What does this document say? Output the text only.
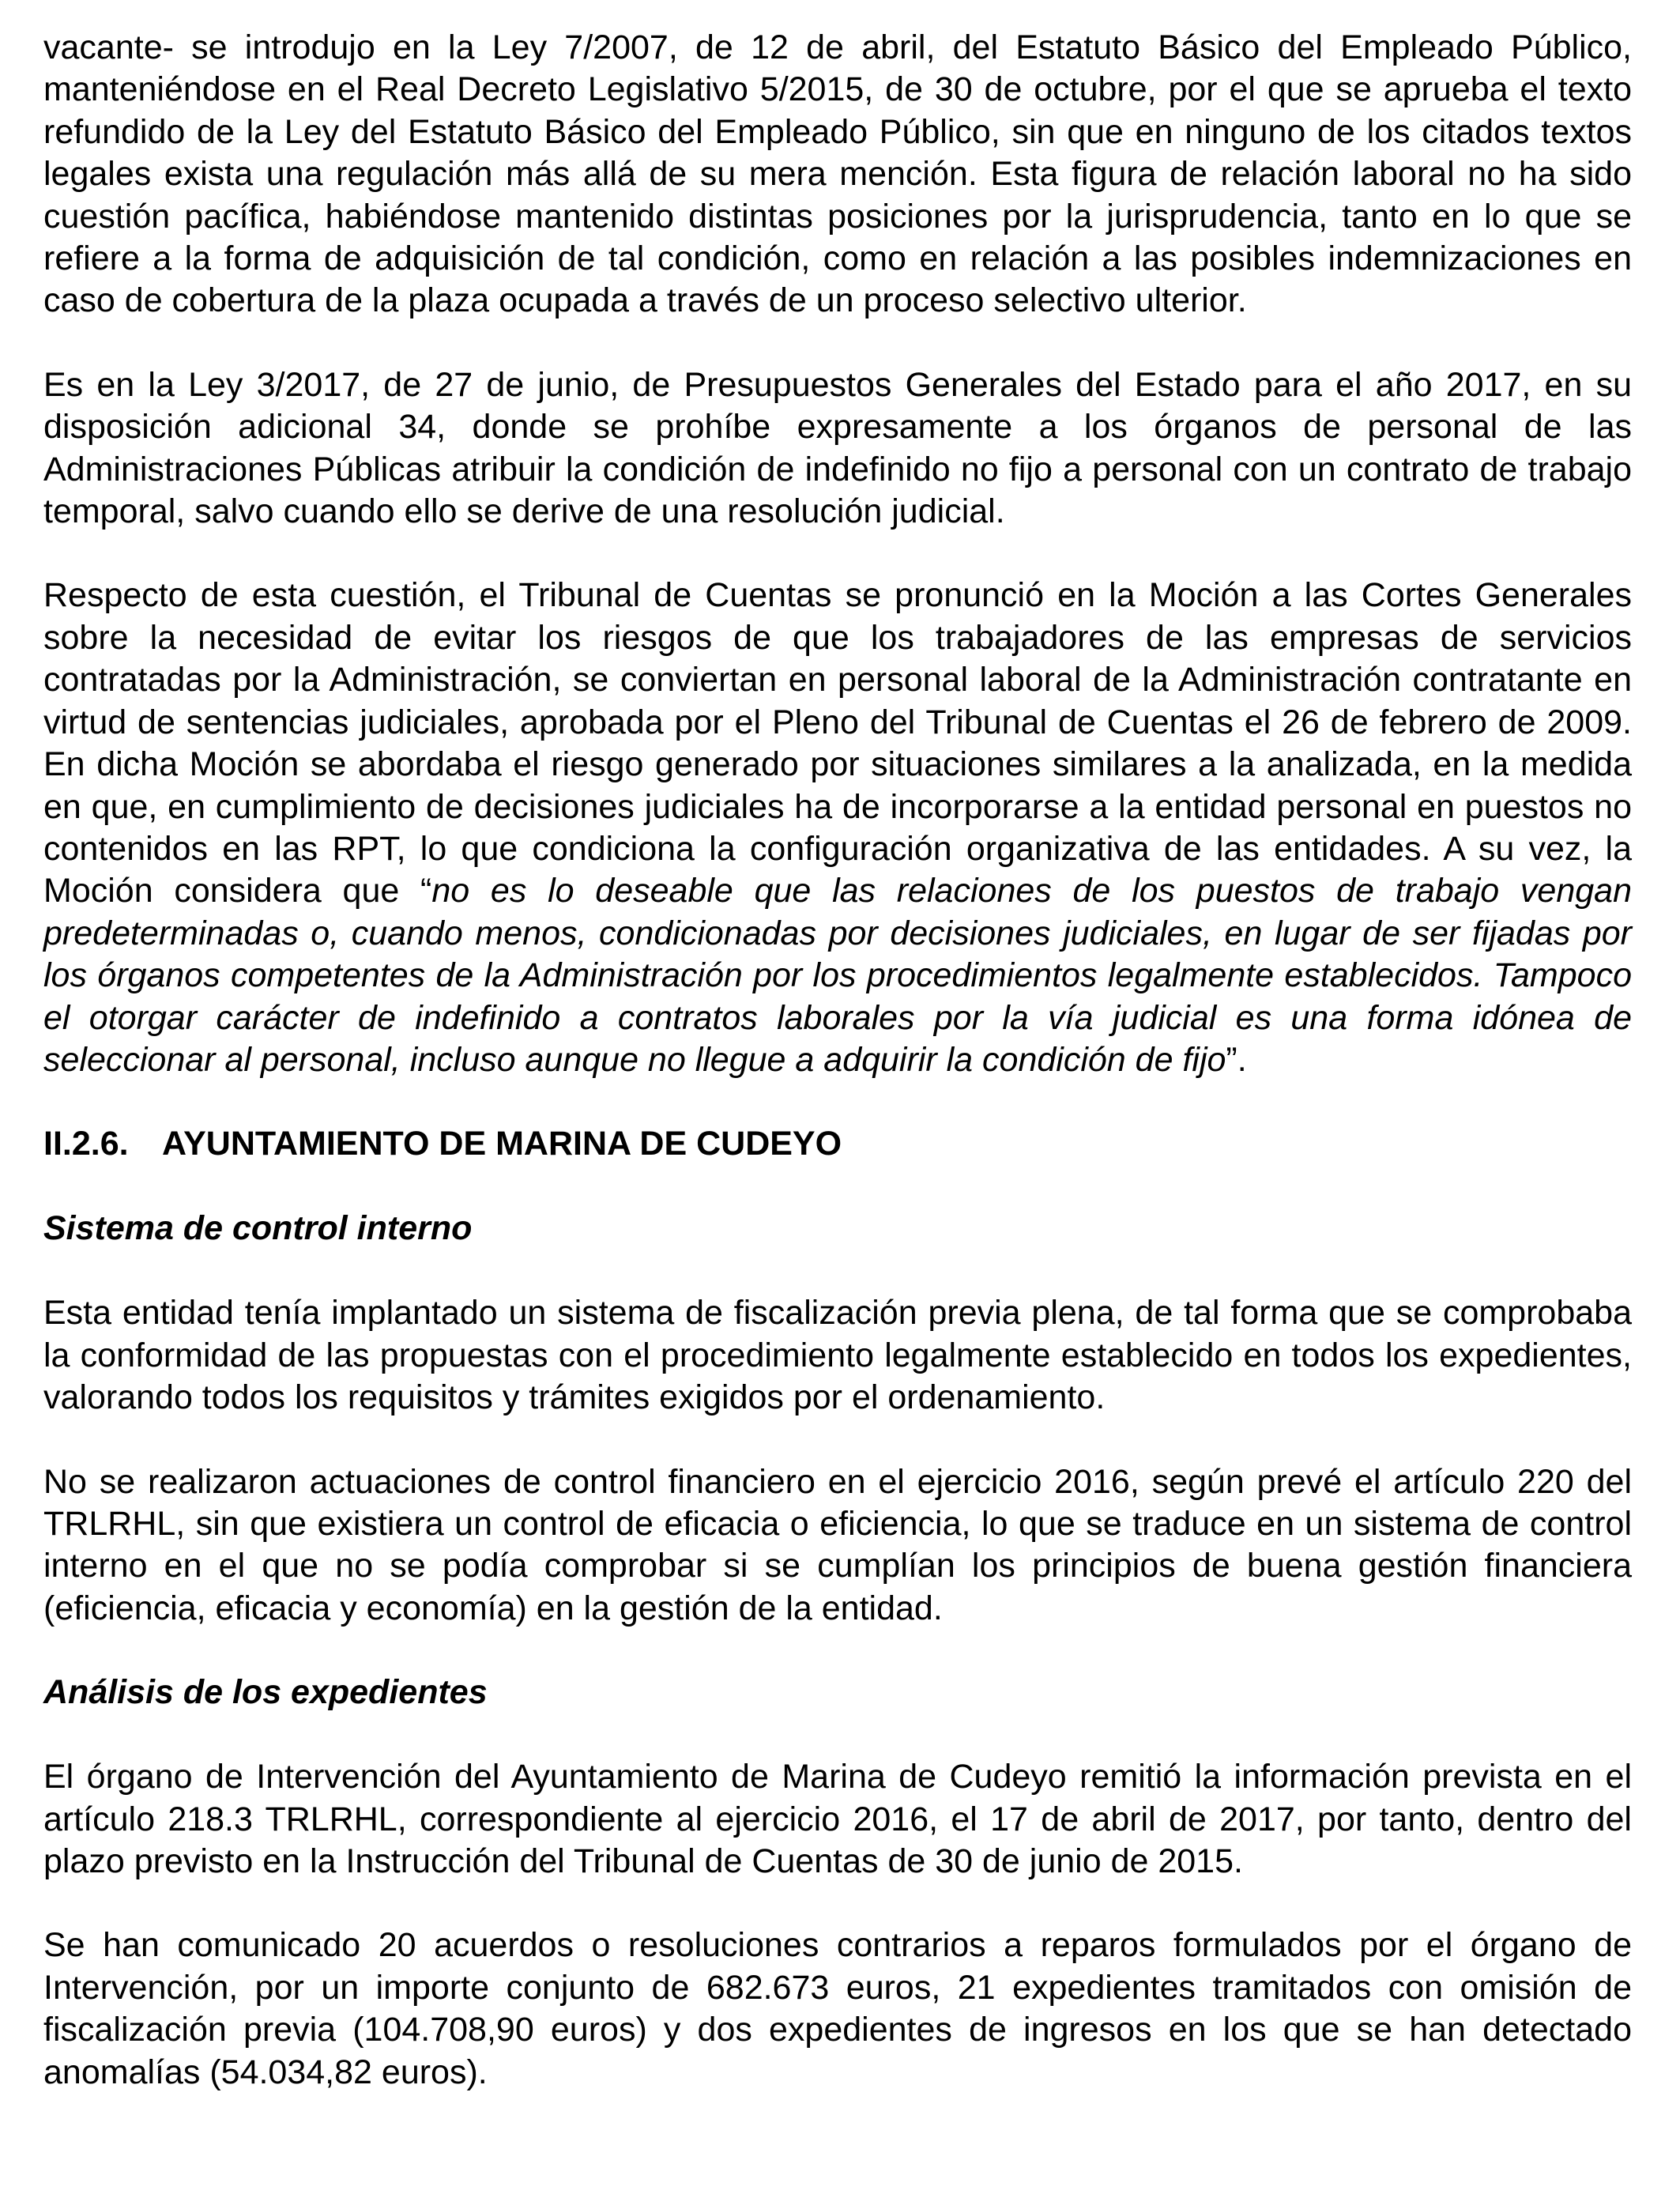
vacante- se introdujo en la Ley 7/2007, de 12 de abril, del Estatuto Básico del Empleado Público, manteniéndose en el Real Decreto Legislativo 5/2015, de 30 de octubre, por el que se aprueba el texto refundido de la Ley del Estatuto Básico del Empleado Público, sin que en ninguno de los citados textos legales exista una regulación más allá de su mera mención. Esta figura de relación laboral no ha sido cuestión pacífica, habiéndose mantenido distintas posiciones por la jurisprudencia, tanto en lo que se refiere a la forma de adquisición de tal condición, como en relación a las posibles indemnizaciones en caso de cobertura de la plaza ocupada a través de un proceso selectivo ulterior.

Es en la Ley 3/2017, de 27 de junio, de Presupuestos Generales del Estado para el año 2017, en su disposición adicional 34, donde se prohíbe expresamente a los órganos de personal de las Administraciones Públicas atribuir la condición de indefinido no fijo a personal con un contrato de trabajo temporal, salvo cuando ello se derive de una resolución judicial.

Respecto de esta cuestión, el Tribunal de Cuentas se pronunció en la Moción a las Cortes Generales sobre la necesidad de evitar los riesgos de que los trabajadores de las empresas de servicios contratadas por la Administración, se conviertan en personal laboral de la Administración contratante en virtud de sentencias judiciales, aprobada por el Pleno del Tribunal de Cuentas el 26 de febrero de 2009. En dicha Moción se abordaba el riesgo generado por situaciones similares a la analizada, en la medida en que, en cumplimiento de decisiones judiciales ha de incorporarse a la entidad personal en puestos no contenidos en las RPT, lo que condiciona la configuración organizativa de las entidades. A su vez, la Moción considera que “no es lo deseable que las relaciones de los puestos de trabajo vengan predeterminadas o, cuando menos, condicionadas por decisiones judiciales, en lugar de ser fijadas por los órganos competentes de la Administración por los procedimientos legalmente establecidos. Tampoco el otorgar carácter de indefinido a contratos laborales por la vía judicial es una forma idónea de seleccionar al personal, incluso aunque no llegue a adquirir la condición de fijo”.

II.2.6. AYUNTAMIENTO DE MARINA DE CUDEYO
Sistema de control interno

Esta entidad tenía implantado un sistema de fiscalización previa plena, de tal forma que se comprobaba la conformidad de las propuestas con el procedimiento legalmente establecido en todos los expedientes, valorando todos los requisitos y trámites exigidos por el ordenamiento.

No se realizaron actuaciones de control financiero en el ejercicio 2016, según prevé el artículo 220 del TRLRHL, sin que existiera un control de eficacia o eficiencia, lo que se traduce en un sistema de control interno en el que no se podía comprobar si se cumplían los principios de buena gestión financiera (eficiencia, eficacia y economía) en la gestión de la entidad.

Análisis de los expedientes

El órgano de Intervención del Ayuntamiento de Marina de Cudeyo remitió la información prevista en el artículo 218.3 TRLRHL, correspondiente al ejercicio 2016, el 17 de abril de 2017, por tanto, dentro del plazo previsto en la Instrucción del Tribunal de Cuentas de 30 de junio de 2015.

Se han comunicado 20 acuerdos o resoluciones contrarios a reparos formulados por el órgano de Intervención, por un importe conjunto de 682.673 euros, 21 expedientes tramitados con omisión de fiscalización previa (104.708,90 euros) y dos expedientes de ingresos en los que se han detectado anomalías (54.034,82 euros).
